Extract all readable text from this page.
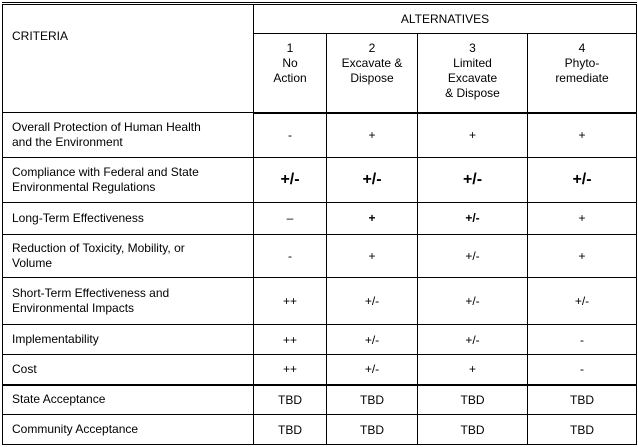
CRITERIA	ALTERNATIVES			

	1
No
Action	2
Excavate &
Dispose	3
Limited
Excavate
& Dispose	4
Phyto-
remediate

Overall Protection of Human Health
and the Environment	-	+	+	+
Compliance with Federal and State
Environmental Regulations	+/-	+/-	+/-	+/-
Long-Term Effectiveness	–	+	+/-	+
Reduction of Toxicity, Mobility, or
Volume	-	+	+/-	+
Short-Term Effectiveness and
Environmental Impacts	++	+/-	+/-	+/-
Implementability	++	+/-	+/-	-
Cost	++	+/-	+	-
State Acceptance	TBD	TBD	TBD	TBD
Community Acceptance	TBD	TBD	TBD	TBD
